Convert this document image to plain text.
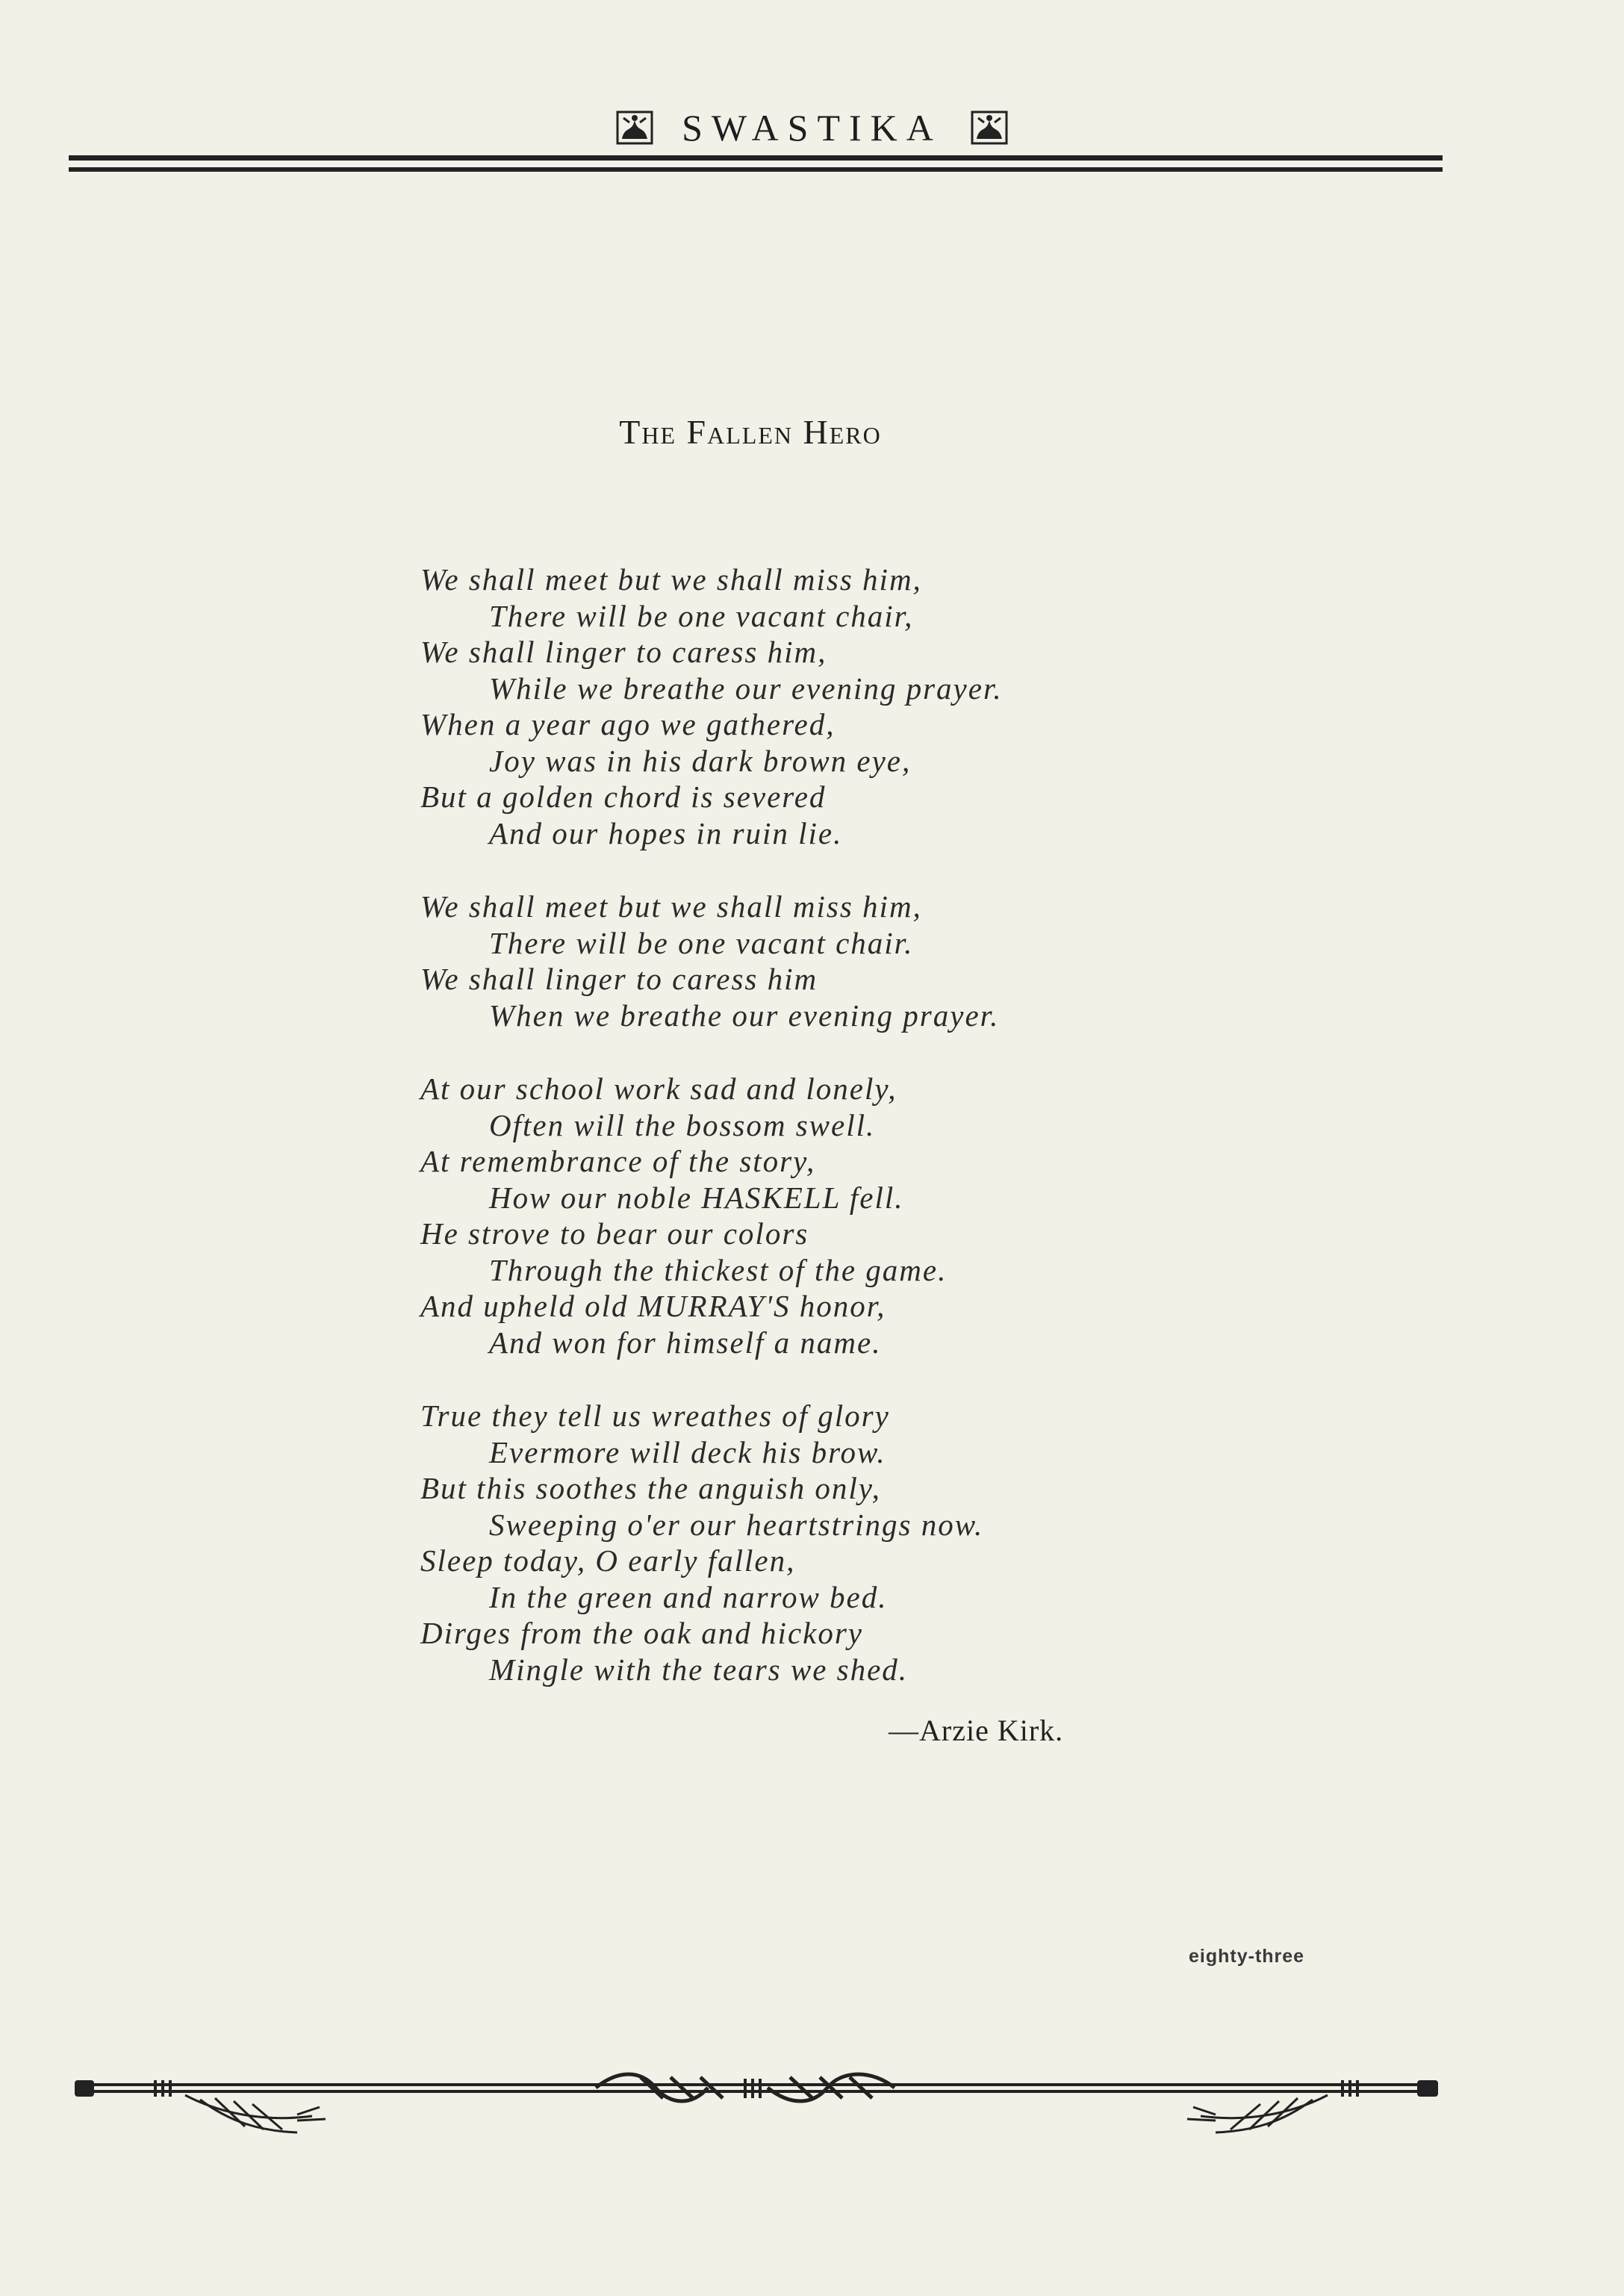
SWASTIKA
The Fallen Hero
We shall meet but we shall miss him,
There will be one vacant chair,
We shall linger to caress him,
While we breathe our evening prayer.
When a year ago we gathered,
Joy was in his dark brown eye,
But a golden chord is severed
And our hopes in ruin lie.
We shall meet but we shall miss him,
There will be one vacant chair.
We shall linger to caress him
When we breathe our evening prayer.
At our school work sad and lonely,
Often will the bossom swell.
At remembrance of the story,
How our noble HASKELL fell.
He strove to bear our colors
Through the thickest of the game.
And upheld old MURRAY'S honor,
And won for himself a name.
True they tell us wreathes of glory
Evermore will deck his brow.
But this soothes the anguish only,
Sweeping o'er our heartstrings now.
Sleep today, O early fallen,
In the green and narrow bed.
Dirges from the oak and hickory
Mingle with the tears we shed.
—Arzie Kirk.
eighty-three
